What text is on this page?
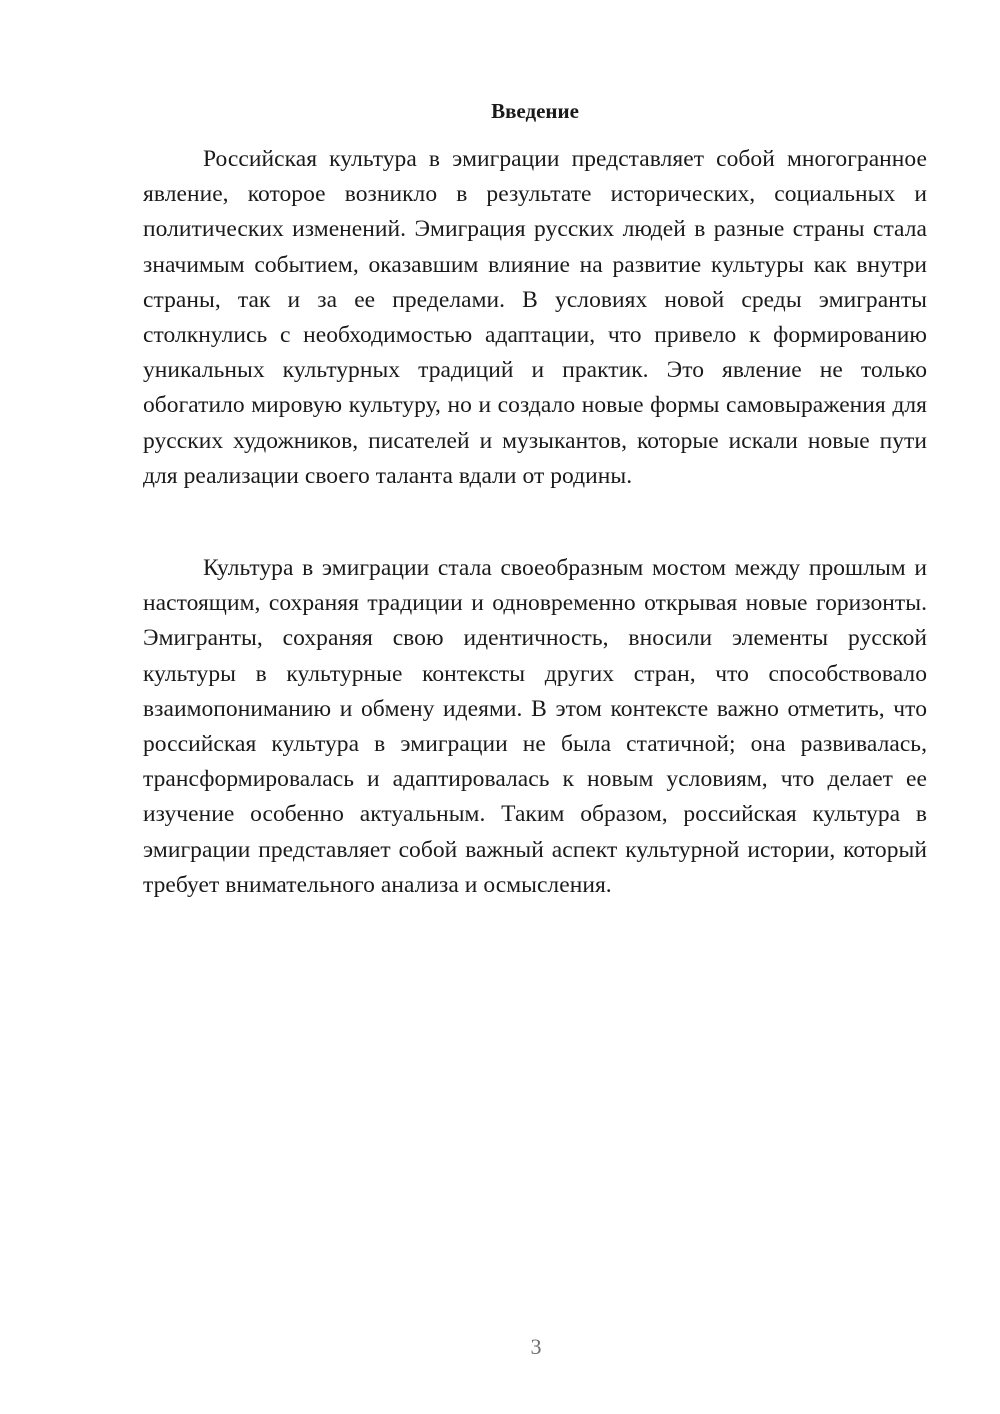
Введение

Российская культура в эмиграции представляет собой многогранное явление, которое возникло в результате исторических, социальных и политических изменений. Эмиграция русских людей в разные страны стала значимым событием, оказавшим влияние на развитие культуры как внутри страны, так и за ее пределами. В условиях новой среды эмигранты столкнулись с необходимостью адаптации, что привело к формированию уникальных культурных традиций и практик. Это явление не только обогатило мировую культуру, но и создало новые формы самовыражения для русских художников, писателей и музыкантов, которые искали новые пути для реализации своего таланта вдали от родины.

Культура в эмиграции стала своеобразным мостом между прошлым и настоящим, сохраняя традиции и одновременно открывая новые горизонты. Эмигранты, сохраняя свою идентичность, вносили элементы русской культуры в культурные контексты других стран, что способствовало взаимопониманию и обмену идеями. В этом контексте важно отметить, что российская культура в эмиграции не была статичной; она развивалась, трансформировалась и адаптировалась к новым условиям, что делает ее изучение особенно актуальным. Таким образом, российская культура в эмиграции представляет собой важный аспект культурной истории, который требует внимательного анализа и осмысления.

3
